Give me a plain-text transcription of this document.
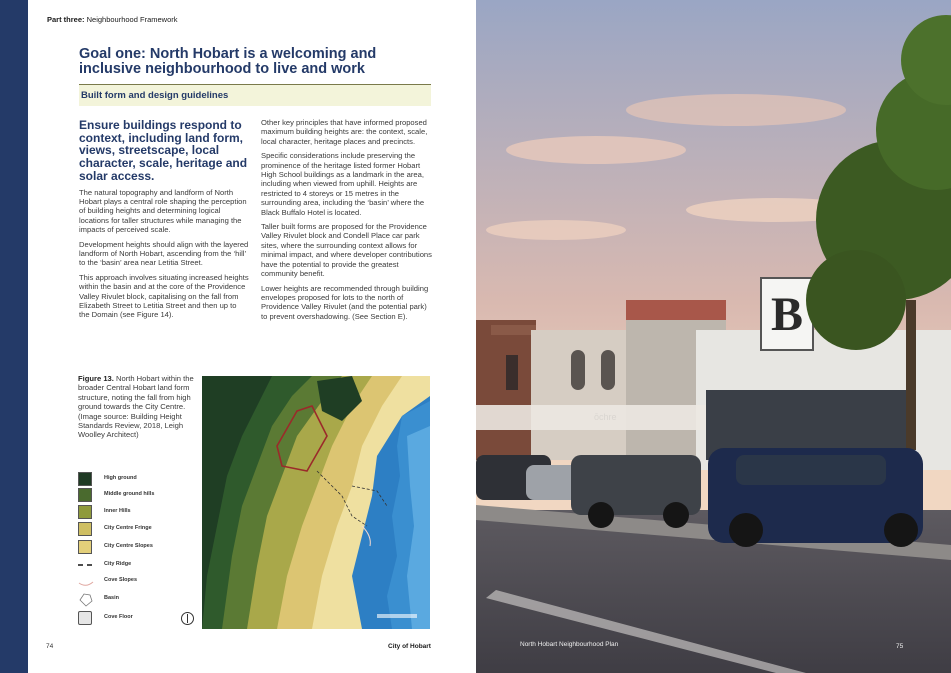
Part three: Neighbourhood Framework
Goal one: North Hobart is a welcoming and inclusive neighbourhood to live and work
Built form and design guidelines
Ensure buildings respond to context, including land form, views, streetscape, local character, scale, heritage and solar access.

The natural topography and landform of North Hobart plays a central role shaping the perception of building heights and determining logical locations for taller structures while managing the impacts of perceived scale.

Development heights should align with the layered landform of North Hobart, ascending from the ‘hill’ to the ‘basin’ area near Letitia Street.

This approach involves situating increased heights within the basin and at the core of the Providence Valley Rivulet block, capitalising on the fall from Elizabeth Street to Letitia Street and then up to the Domain (see Figure 14).

Other key principles that have informed proposed maximum building heights are: the context, scale, local character, heritage places and precincts.

Specific considerations include preserving the prominence of the heritage listed former Hobart High School buildings as a landmark in the area, including when viewed from uphill. Heights are restricted to 4 storeys or 15 metres in the surrounding area, including the ‘basin’ where the Black Buffalo Hotel is located.

Taller built forms are proposed for the Providence Valley Rivulet block and Condell Place car park sites, where the surrounding context allows for minimal impact, and where developer contributions have the potential to provide the greatest community benefit.

Lower heights are recommended through building envelopes proposed for lots to the north of Providence Valley Rivulet (and the potential park) to prevent overshadowing. (See Section E).

Figure 13. North Hobart within the broader Central Hobart land form structure, noting the fall from high ground towards the City Centre. (Image source: Building Height Standards Review, 2018, Leigh Woolley Architect)
High ground
Middle ground hills
Inner Hills
City Centre Fringe
City Centre Slopes
City Ridge
Cove Slopes
Basin
Cove Floor
74	City of Hobart
B
North Hobart Neighbourhood Plan	75
